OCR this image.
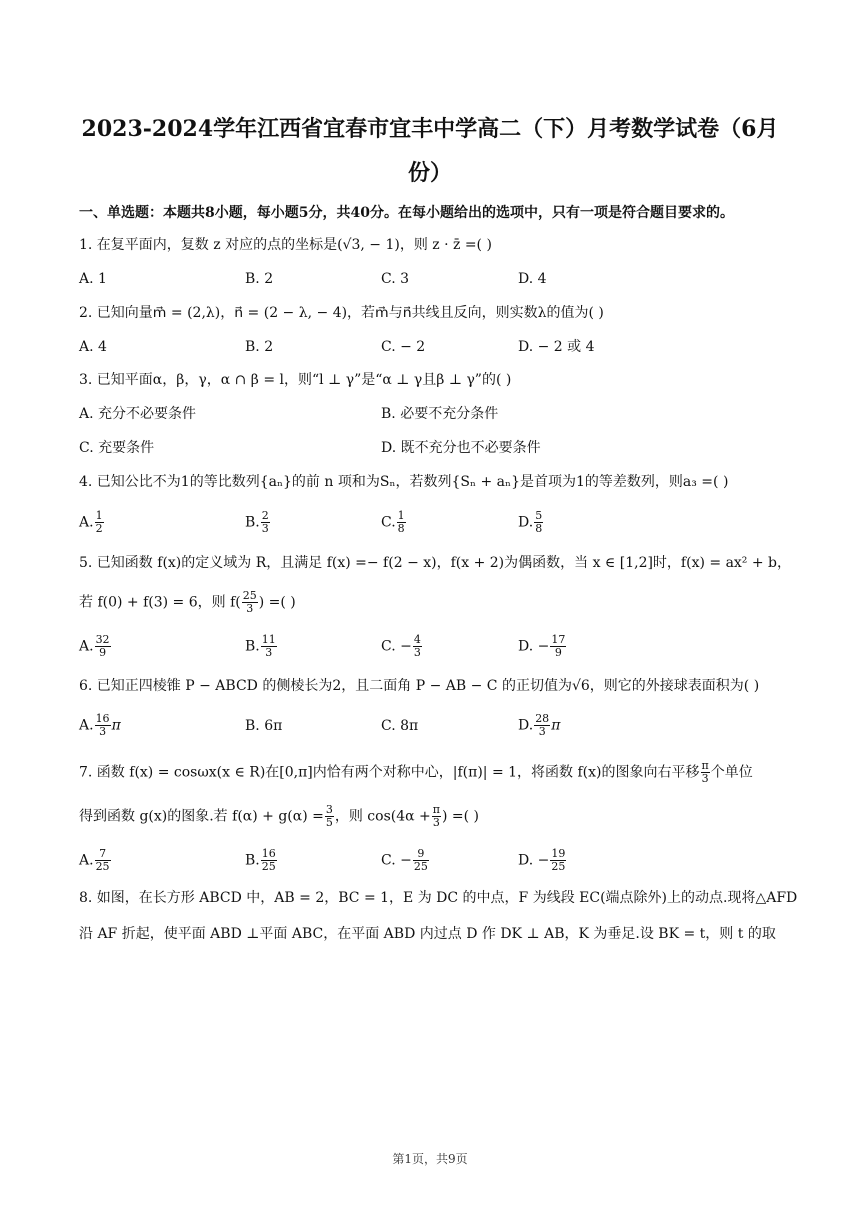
2023-2024学年江西省宜春市宜丰中学高二（下）月考数学试卷（6月
份）
一、单选题：本题共8小题，每小题5分，共40分。在每小题给出的选项中，只有一项是符合题目要求的。
1. 在复平面内，复数 z 对应的点的坐标是(√3, − 1)，则 z · z̄ =( )
A. 1	B. 2	C. 3	D. 4
2. 已知向量m⃗ = (2,λ)，n⃗ = (2 − λ, − 4)，若m⃗与n⃗共线且反向，则实数λ的值为( )
A. 4	B. 2	C. − 2	D. − 2 或 4
3. 已知平面α，β，γ，α ∩ β = l，则“l ⊥ γ”是“α ⊥ γ且β ⊥ γ”的( )
A. 充分不必要条件	B. 必要不充分条件
C. 充要条件	D. 既不充分也不必要条件
4. 已知公比不为1的等比数列{aₙ}的前 n 项和为Sₙ，若数列{Sₙ + aₙ}是首项为1的等差数列，则a₃ =( )
A. $\frac{1}{2}$	B. $\frac{2}{3}$	C. $\frac{1}{8}$	D. $\frac{5}{8}$
5. 已知函数 f(x)的定义域为 R，且满足 f(x) =− f(2 − x)，f(x + 2)为偶函数，当 x ∈ [1,2]时，f(x) = ax² + b，
若 f(0) + f(3) = 6，则 $f( \frac{25}{3}$ ) =( )
A. $\frac{32}{9}$	B. $\frac{11}{3}$	C. − $\frac{4}{3}$	D. − $\frac{17}{9}$
6. 已知正四棱锥 P − ABCD 的侧棱长为2，且二面角 P − AB − C 的正切值为√6，则它的外接球表面积为( )
A. $\frac{16}{3}$ π	B. 6π	C. 8π	D. $\frac{28}{3}$ π
7. 函数 f(x) = cosωx(x ∈ R)在[0,π]内恰有两个对称中心，|f(π)| = 1，将函数 f(x)的图象向右平移 $\frac{\pi}{3}$ 个单位
得到函数 g(x)的图象.若 $f(\alpha) + g(\alpha) = \frac{3}{5}$ ，则 $\cos(4\alpha + \frac{\pi}{3}$ ) =( )
A. $\frac{7}{25}$	B. $\frac{16}{25}$	C. − $\frac{9}{25}$	D. − $\frac{19}{25}$
8. 如图，在长方形 ABCD 中，AB = 2，BC = 1，E 为 DC 的中点，F 为线段 EC(端点除外)上的动点.现将△AFD
沿 AF 折起，使平面 ABD ⊥平面 ABC，在平面 ABD 内过点 D 作 DK ⊥ AB，K 为垂足.设 BK = t，则 t 的取
第1页，共9页
